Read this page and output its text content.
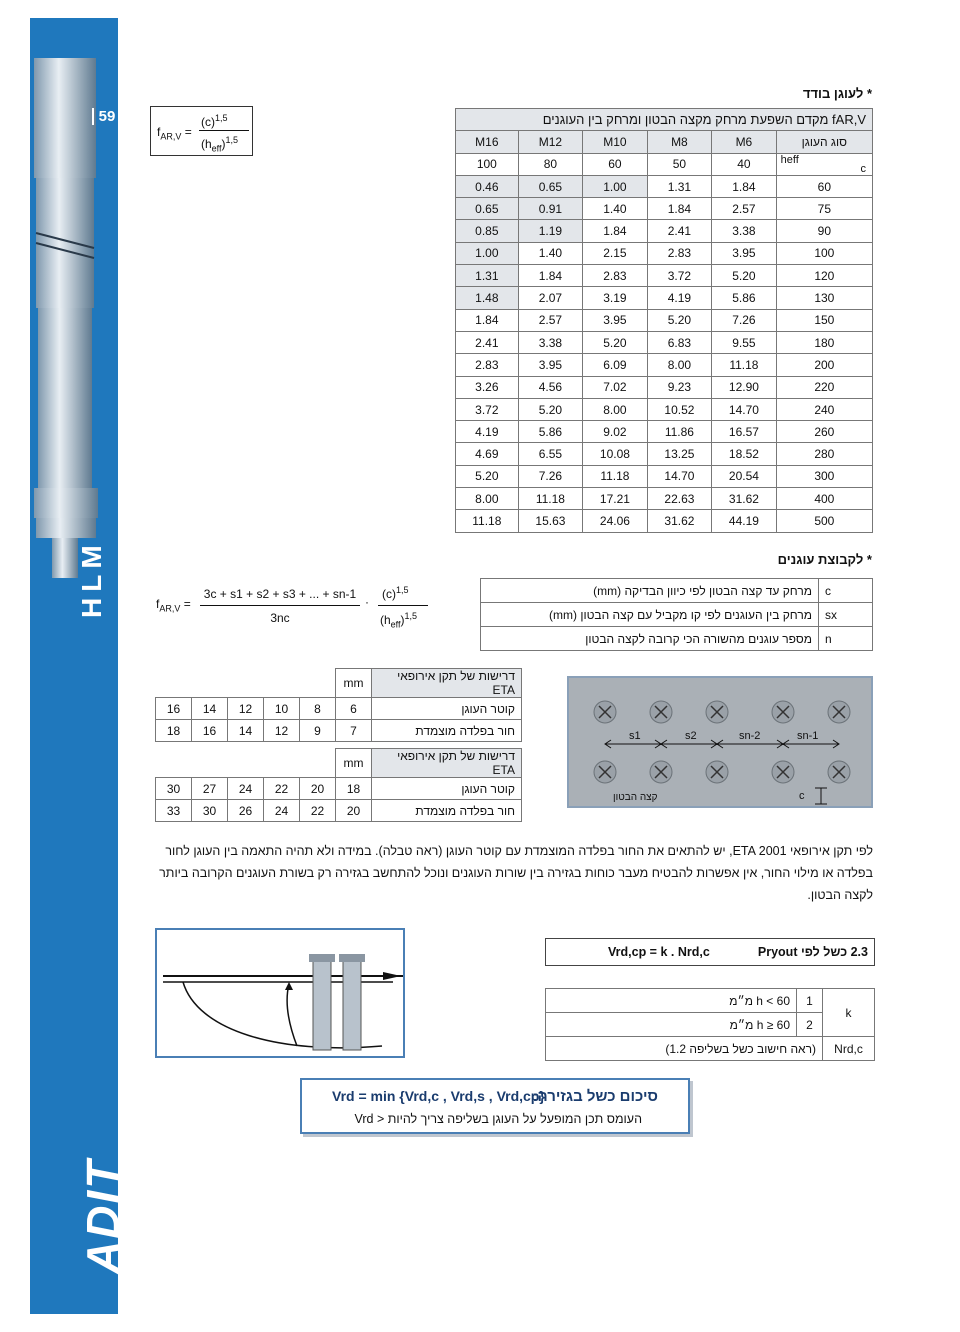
59
HLM
ADIT
Optimal Building Solutions
* לעוגן בודד
fAR,V מקדם השפעת מרחק מקצה הבטון ומרחק בין העוגנים					
M16	M12	M10	M8	M6	סוג העוגן
100	80	60	50	40	heff
c

0.46	0.65	1.00	1.31	1.84	60
0.65	0.91	1.40	1.84	2.57	75
0.85	1.19	1.84	2.41	3.38	90
1.00	1.40	2.15	2.83	3.95	100
1.31	1.84	2.83	3.72	5.20	120
1.48	2.07	3.19	4.19	5.86	130
1.84	2.57	3.95	5.20	7.26	150
2.41	3.38	5.20	6.83	9.55	180
2.83	3.95	6.09	8.00	11.18	200
3.26	4.56	7.02	9.23	12.90	220
3.72	5.20	8.00	10.52	14.70	240
4.19	5.86	9.02	11.86	16.57	260
4.69	6.55	10.08	13.25	18.52	280
5.20	7.26	11.18	14.70	20.54	300
8.00	11.18	17.21	22.63	31.62	400
11.18	15.63	24.06	31.62	44.19	500
$f_{AR,V}$ =
$(c)^{1,5}$
$(h_{eff})^{1,5}$
* לקבוצת עוגנים
$f_{AR,V}$ =
3c + s1 + s2 + s3 + ... + sn-1
3nc
·
$(c)^{1,5}$
$(h_{eff})^{1,5}$
מרחק עד קצה הבטון לפי כיוון הבדיקה (mm)	c
מרחק בין העוגנים לפי קו מקביל עם קצה הבטון (mm)	sx
מספר עוגנים מהשורה הכי קרובה לקצה הבטון	n
					mm	דרישות של תקן אירופאי ETA
16	14	12	10	8	6	קוטר העוגן
18	16	14	12	9	7	חור בפלדה מוצמדת
					mm	דרישות של תקן אירופאי ETA
30	27	24	22	20	18	קוטר העוגן
33	30	26	24	22	20	חור בפלדה מוצמדת
s1	s2	sn-2	sn-1
קצה הבטון	c
לפי תקן אירופאי ETA 2001, יש להתאים את החור בפלדה המוצמדת עם קוטר העוגן (ראה טבלה). במידה ולא תהיה התאמה בין העוגן לחור בפלדה או מילוי החור, אין אפשרות להבטיח מעבר כוחות בגזירה בין שורות העוגנים ונוכל להתחשב בגזירה רק בשורת העוגנים הקרובה ביותר לקצה הבטון.
Vrd,cp = k . Nrd,c	2.3 כשל לפי Pryout
h < 60 מ״מ	1	k
h ≥ 60 מ״מ	2	
(ראה חישוב כשל בשליפה 1.2)		Nrd,c
סיכום כשל בגזירה:
Vrd = min {Vrd,c , Vrd,s , Vrd,cp}
העומס תכן המופעל על העוגן בשליפה צריך להיות < Vrd
